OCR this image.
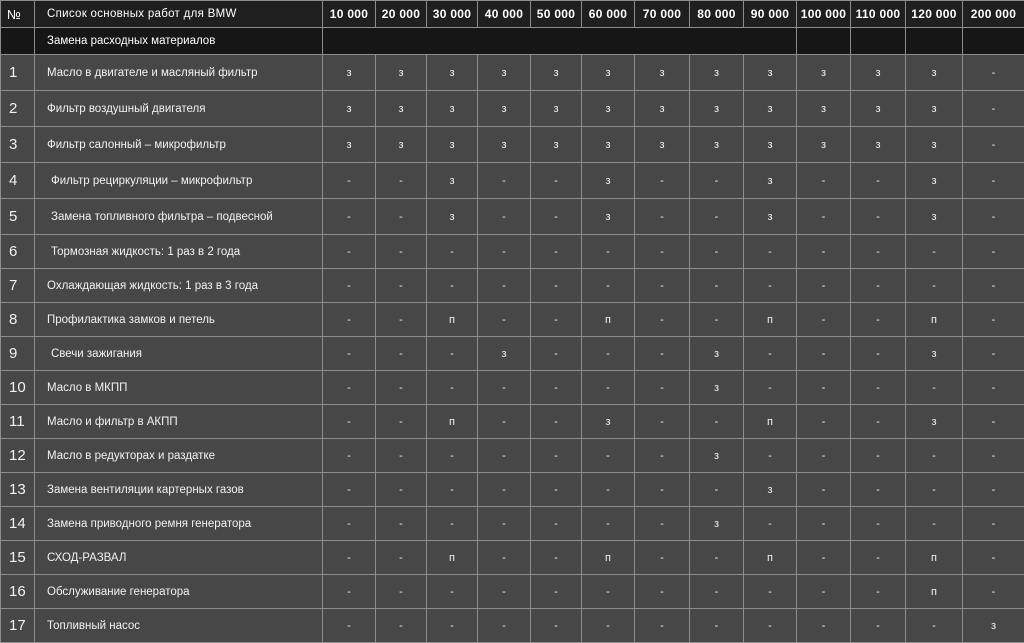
№	Список основных работ для BMW	10 000	20 000	30 000	40 000	50 000	60 000	70 000	80 000	90 000	100 000	110 000	120 000	200 000
	Замена расходных материалов													
1	Масло в двигателе и масляный фильтр	з	з	з	з	з	з	з	з	з	з	з	з	-
2	Фильтр воздушный двигателя	з	з	з	з	з	з	з	з	з	з	з	з	-
3	Фильтр салонный – микрофильтр	з	з	з	з	з	з	з	з	з	з	з	з	-
4	Фильтр рециркуляции – микрофильтр	-	-	з	-	-	з	-	-	з	-	-	з	-
5	Замена топливного фильтра – подвесной	-	-	з	-	-	з	-	-	з	-	-	з	-
6	Тормозная жидкость: 1 раз в 2 года	-	-	-	-	-	-	-	-	-	-	-	-	-
7	Охлаждающая жидкость: 1 раз в 3 года	-	-	-	-	-	-	-	-	-	-	-	-	-
8	Профилактика замков и петель	-	-	п	-	-	п	-	-	п	-	-	п	-
9	Свечи зажигания	-	-	-	з	-	-	-	з	-	-	-	з	-
10	Масло в МКПП	-	-	-	-	-	-	-	з	-	-	-	-	-
11	Масло и фильтр в АКПП	-	-	п	-	-	з	-	-	п	-	-	з	-
12	Масло в редукторах и раздатке	-	-	-	-	-	-	-	з	-	-	-	-	-
13	Замена вентиляции картерных газов	-	-	-	-	-	-	-	-	з	-	-	-	-
14	Замена приводного ремня генератора	-	-	-	-	-	-	-	з	-	-	-	-	-
15	СХОД-РАЗВАЛ	-	-	п	-	-	п	-	-	п	-	-	п	-
16	Обслуживание генератора	-	-	-	-	-	-	-	-	-	-	-	п	-
17	Топливный насос	-	-	-	-	-	-	-	-	-	-	-	-	з
